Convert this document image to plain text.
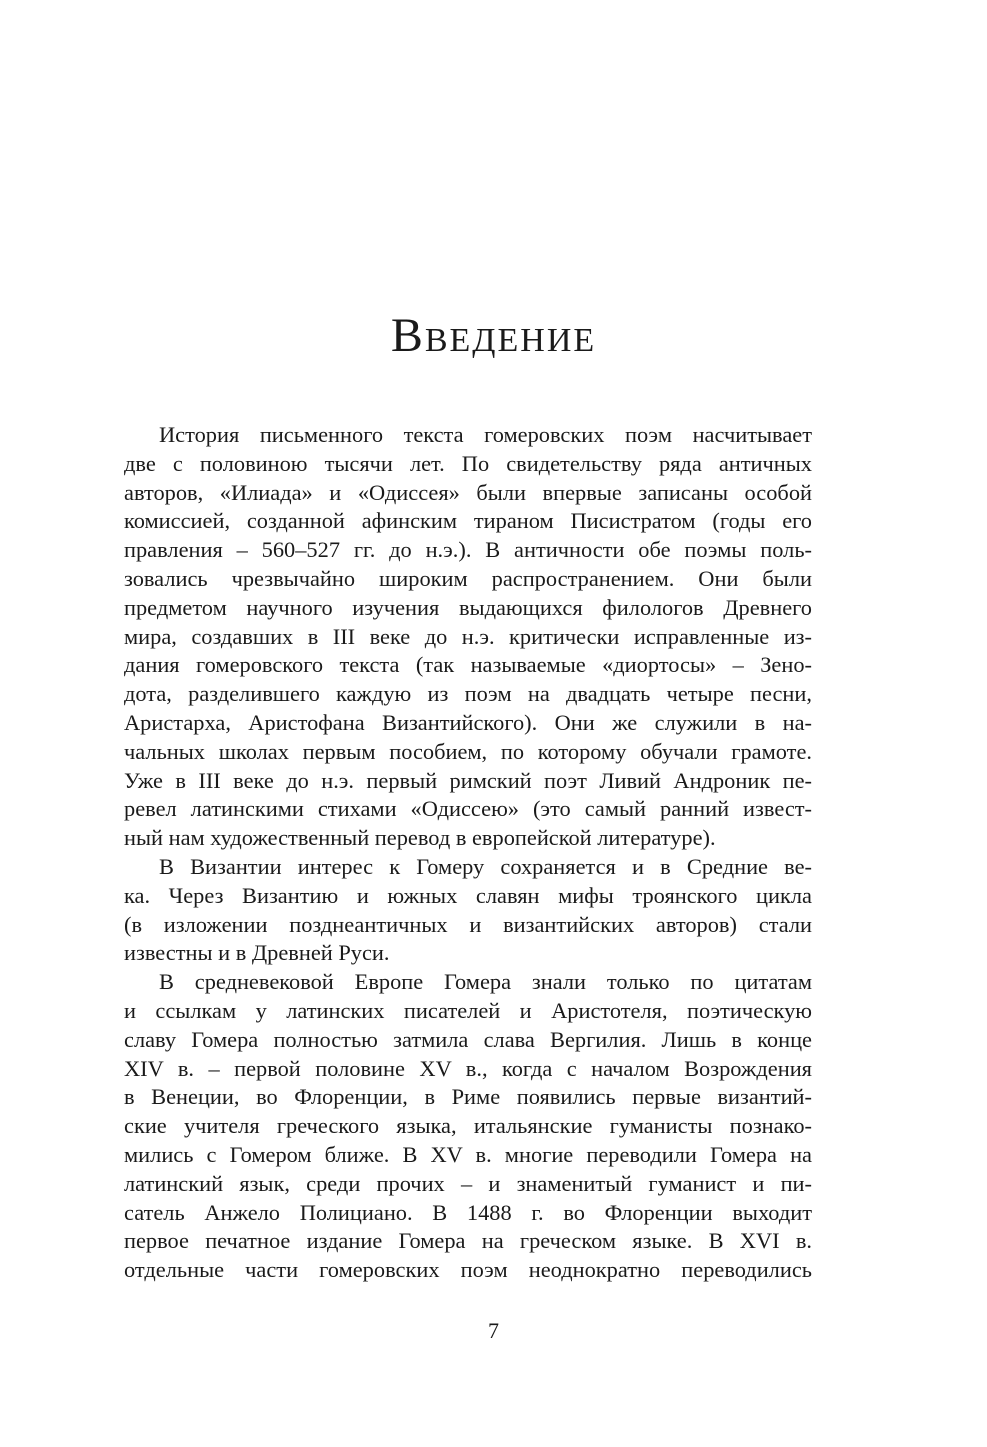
Введение
История письменного текста гомеровских поэм насчитывает
две с половиною тысячи лет. По свидетельству ряда античных
авторов, «Илиада» и «Одиссея» были впервые записаны особой
комиссией, созданной афинским тираном Писистратом (годы его
правления – 560–527 гг. до н.э.). В античности обе поэмы поль-
зовались чрезвычайно широким распространением. Они были
предметом научного изучения выдающихся филологов Древнего
мира, создавших в III веке до н.э. критически исправленные из-
дания гомеровского текста (так называемые «диортосы» – Зено-
дота, разделившего каждую из поэм на двадцать четыре песни,
Аристарха, Аристофана Византийского). Они же служили в на-
чальных школах первым пособием, по которому обучали грамоте.
Уже в III веке до н.э. первый римский поэт Ливий Андроник пе-
ревел латинскими стихами «Одиссею» (это самый ранний извест-
ный нам художественный перевод в европейской литературе).
В Византии интерес к Гомеру сохраняется и в Средние ве-
ка. Через Византию и южных славян мифы троянского цикла
(в изложении позднеантичных и византийских авторов) стали
известны и в Древней Руси.
В средневековой Европе Гомера знали только по цитатам
и ссылкам у латинских писателей и Аристотеля, поэтическую
славу Гомера полностью затмила слава Вергилия. Лишь в конце
XIV в. – первой половине XV в., когда с началом Возрождения
в Венеции, во Флоренции, в Риме появились первые византий-
ские учителя греческого языка, итальянские гуманисты познако-
мились с Гомером ближе. В XV в. многие переводили Гомера на
латинский язык, среди прочих – и знаменитый гуманист и пи-
сатель Анжело Полициано. В 1488 г. во Флоренции выходит
первое печатное издание Гомера на греческом языке. В XVI в.
отдельные части гомеровских поэм неоднократно переводились
7
